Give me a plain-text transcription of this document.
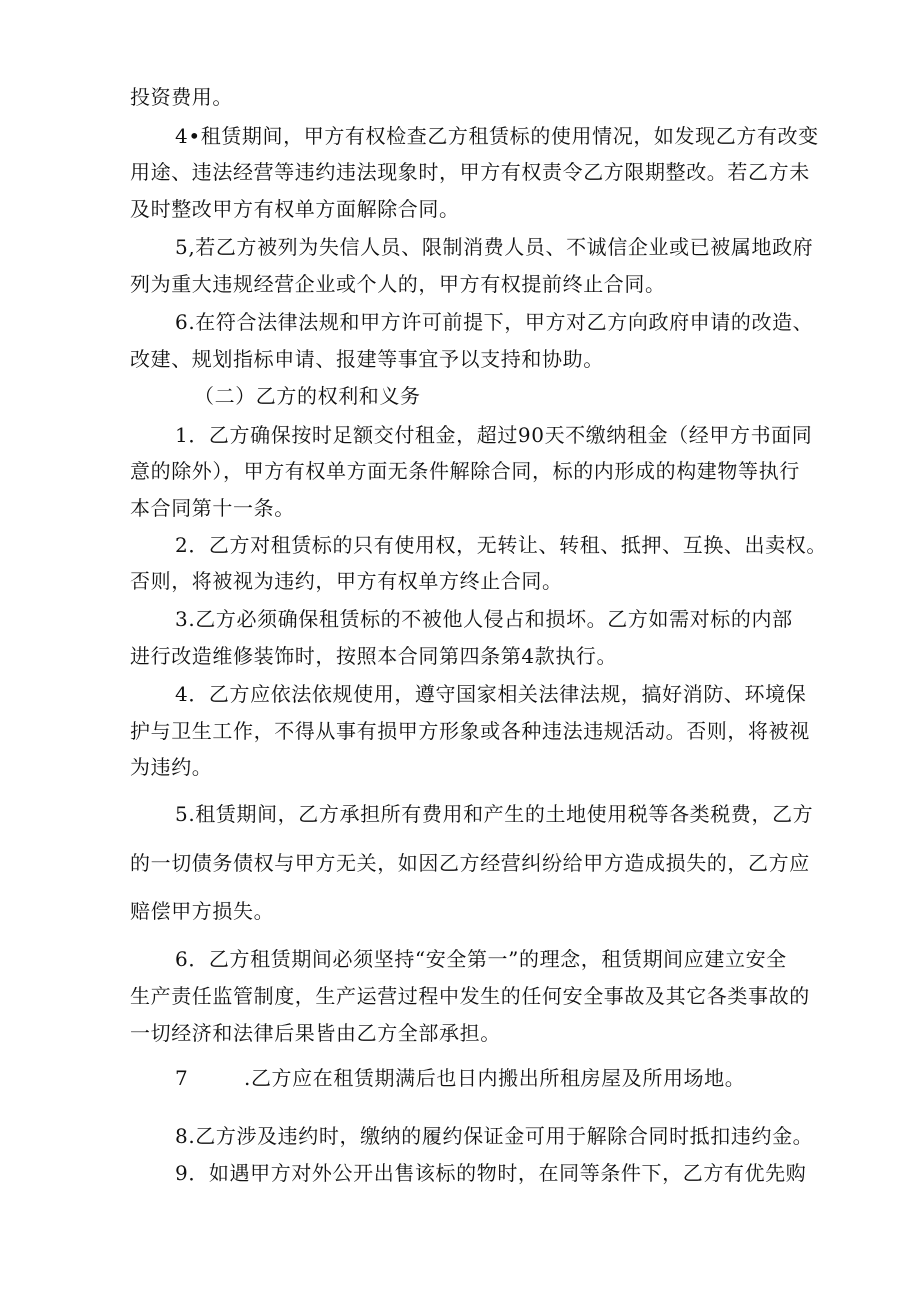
投资费用。
4•租赁期间，甲方有权检查乙方租赁标的使用情况，如发现乙方有改变
用途、违法经营等违约违法现象时，甲方有权责令乙方限期整改。若乙方未
及时整改甲方有权单方面解除合同。
5,若乙方被列为失信人员、限制消费人员、不诚信企业或已被属地政府
列为重大违规经营企业或个人的，甲方有权提前终止合同。
6.在符合法律法规和甲方许可前提下，甲方对乙方向政府申请的改造、
改建、规划指标申请、报建等事宜予以支持和协助。
（二）乙方的权利和义务
1．乙方确保按时足额交付租金，超过90天不缴纳租金（经甲方书面同
意的除外），甲方有权单方面无条件解除合同，标的内形成的构建物等执行
本合同第十一条。
2．乙方对租赁标的只有使用权，无转让、转租、抵押、互换、出卖权。
否则，将被视为违约，甲方有权单方终止合同。
3.乙方必须确保租赁标的不被他人侵占和损坏。乙方如需对标的内部
进行改造维修装饰时，按照本合同第四条第4款执行。
4．乙方应依法依规使用，遵守国家相关法律法规，搞好消防、环境保
护与卫生工作，不得从事有损甲方形象或各种违法违规活动。否则，将被视
为违约。
5.租赁期间，乙方承担所有费用和产生的土地使用税等各类税费，乙方
的一切债务债权与甲方无关，如因乙方经营纠纷给甲方造成损失的，乙方应
赔偿甲方损失。
6．乙方租赁期间必须坚持“安全第一”的理念，租赁期间应建立安全
生产责任监管制度，生产运营过程中发生的任何安全事故及其它各类事故的
一切经济和法律后果皆由乙方全部承担。
7        .乙方应在租赁期满后也日内搬出所租房屋及所用场地。
8.乙方涉及违约时，缴纳的履约保证金可用于解除合同时抵扣违约金。
9．如遇甲方对外公开出售该标的物时，在同等条件下，乙方有优先购
